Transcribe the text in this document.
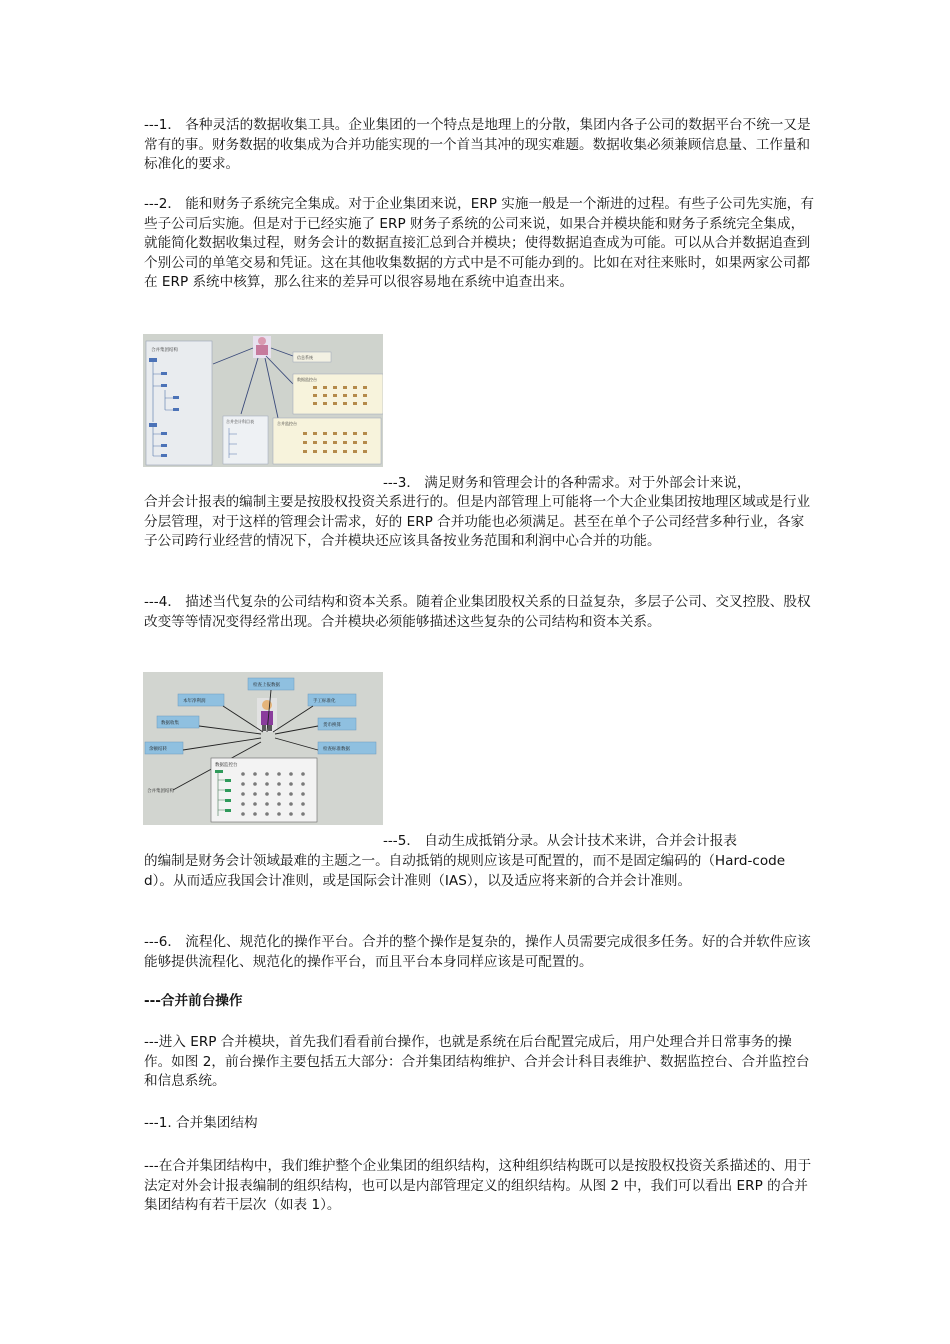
---1． 各种灵活的数据收集工具。企业集团的一个特点是地理上的分散，集团内各子公司的数据平台不统一又是常有的事。财务数据的收集成为合并功能实现的一个首当其冲的现实难题。数据收集必须兼顾信息量、工作量和标准化的要求。

---2． 能和财务子系统完全集成。对于企业集团来说，ERP 实施一般是一个渐进的过程。有些子公司先实施，有些子公司后实施。但是对于已经实施了 ERP 财务子系统的公司来说，如果合并模块能和财务子系统完全集成，就能简化数据收集过程，财务会计的数据直接汇总到合并模块；使得数据追查成为可能。可以从合并数据追查到个别公司的单笔交易和凭证。这在其他收集数据的方式中是不可能办到的。比如在对往来账时，如果两家公司都在 ERP 系统中核算，那么往来的差异可以很容易地在系统中追查出来。

合并集团结构
信息系统
数据监控台
合并会计科目表	合并监控台
---3． 满足财务和管理会计的各种需求。对于外部会计来说，

合并会计报表的编制主要是按股权投资关系进行的。但是内部管理上可能将一个大企业集团按地理区域或是行业分层管理，对于这样的管理会计需求，好的 ERP 合并功能也必须满足。甚至在单个子公司经营多种行业，各家子公司跨行业经营的情况下，合并模块还应该具备按业务范围和利润中心合并的功能。

---4． 描述当代复杂的公司结构和资本关系。随着企业集团股权关系的日益复杂，多层子公司、交叉控股、股权改变等等情况变得经常出现。合并模块必须能够描述这些复杂的公司结构和资本关系。

检查上报数据
本年净利润	手工标准化
数据收集	货币换算
余额结转	检查标准数据
数据监控台
合并集团结构
---5． 自动生成抵销分录。从会计技术来讲，合并会计报表

的编制是财务会计领域最难的主题之一。自动抵销的规则应该是可配置的，而不是固定编码的（Hard-coded）。从而适应我国会计准则，或是国际会计准则（IAS），以及适应将来新的合并会计准则。

---6． 流程化、规范化的操作平台。合并的整个操作是复杂的，操作人员需要完成很多任务。好的合并软件应该能够提供流程化、规范化的操作平台，而且平台本身同样应该是可配置的。

---合并前台操作

---进入 ERP 合并模块，首先我们看看前台操作，也就是系统在后台配置完成后，用户处理合并日常事务的操作。如图 2，前台操作主要包括五大部分：合并集团结构维护、合并会计科目表维护、数据监控台、合并监控台和信息系统。

---1. 合并集团结构

---在合并集团结构中，我们维护整个企业集团的组织结构，这种组织结构既可以是按股权投资关系描述的、用于法定对外会计报表编制的组织结构，也可以是内部管理定义的组织结构。从图 2 中，我们可以看出 ERP 的合并集团结构有若干层次（如表 1）。
